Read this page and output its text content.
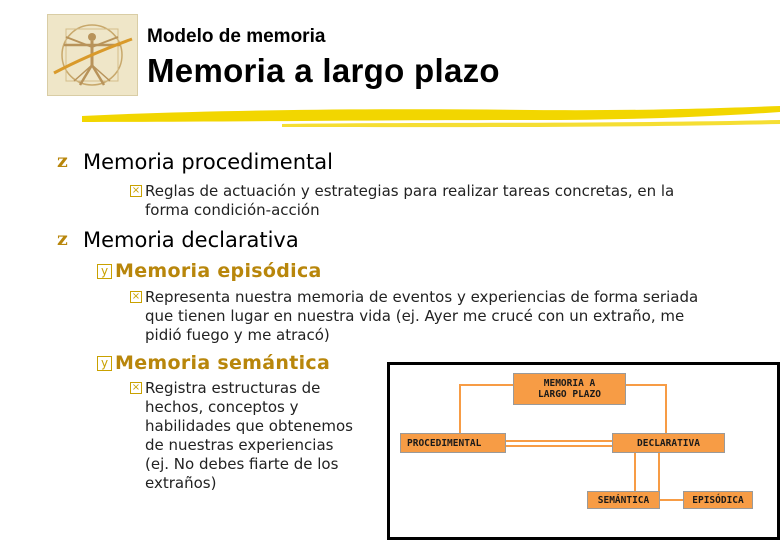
Modelo de memoria
Memoria a largo plazo
z Memoria procedimental
× Reglas de actuación y estrategias para realizar tareas concretas, en la
forma condición-acción
z Memoria declarativa
y Memoria episódica
× Representa nuestra memoria de eventos y experiencias de forma seriada
que tienen lugar en nuestra vida (ej. Ayer me crucé con un extraño, me
pidió fuego y me atracó)
y Memoria semántica
× Registra estructuras de
hechos, conceptos y
habilidades que obtenemos
de nuestras experiencias
(ej. No debes fiarte de los
extraños)
MEMORIA A
LARGO PLAZO
PROCEDIMENTAL	DECLARATIVA
SEMÁNTICA	EPISÓDICA
